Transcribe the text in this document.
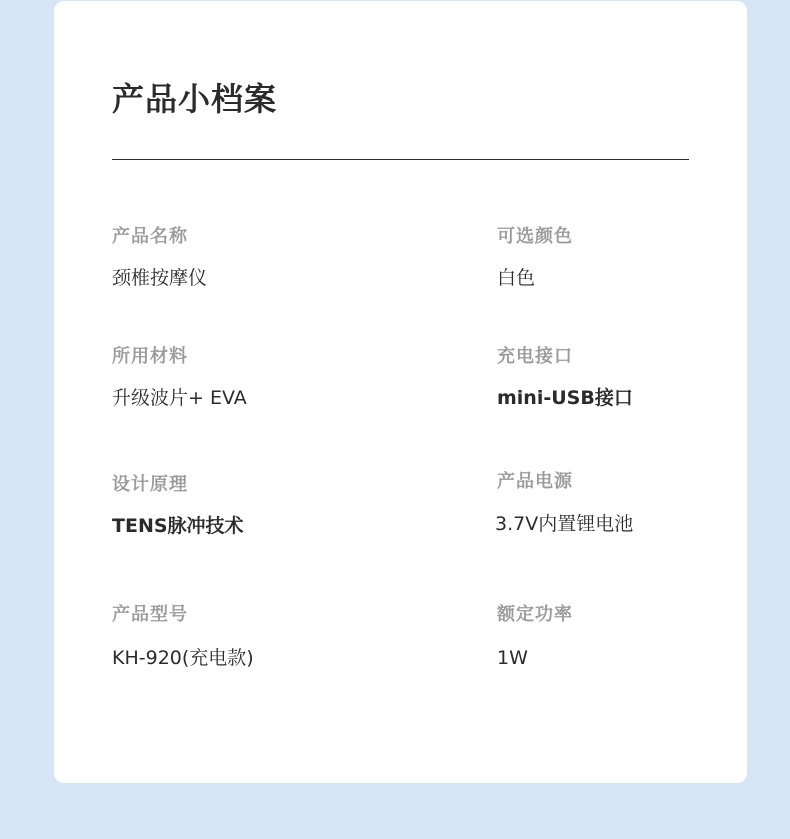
产品小档案
产品名称
颈椎按摩仪
可选颜色
白色
所用材料
升级波片+ EVA
充电接口
mini-USB接口
设计原理
TENS脉冲技术
产品电源
3.7V内置锂电池
产品型号
KH-920(充电款)
额定功率
1W
